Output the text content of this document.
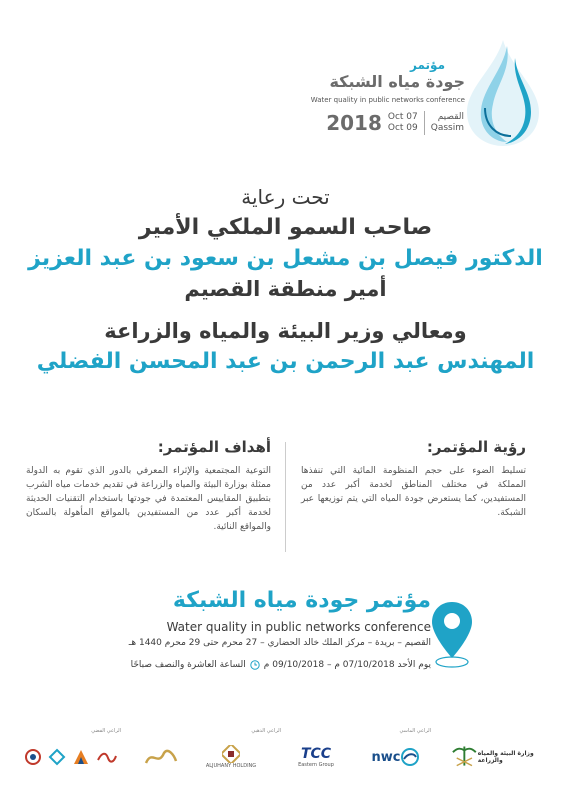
مؤتمر
جودة مياه الشبكة
Water quality in public networks conference
2018 Oct 07
Oct 09
القصيم
Qassim
تحت رعاية
صاحب السمو الملكي الأمير
الدكتور فيصل بن مشعل بن سعود بن عبد العزيز
أمير منطقة القصيم
ومعالي وزير البيئة والمياه والزراعة
المهندس عبد الرحمن بن عبد المحسن الفضلي
رؤية المؤتمر:

تسليط الضوء على حجم المنظومة المائية التي تنفذها المملكة في مختلف المناطق لخدمة أكبر عدد من المستفيدين، كما يستعرض جودة المياه التي يتم توزيعها عبر الشبكة.

أهداف المؤتمر:

التوعية المجتمعية والإثراء المعرفي بالدور الذي تقوم به الدولة ممثلة بوزارة البيئة والمياه والزراعة في تقديم خدمات مياه الشرب بتطبيق المقاييس المعتمدة في جودتها باستخدام التقنيات الحديثة لخدمة أكبر عدد من المستفيدين بالمواقع المأهولة بالسكان والمواقع النائية.

مؤتمر جودة مياه الشبكة
Water quality in public networks conference
القصيم – بريدة – مركز الملك خالد الحضاري – 27 محرم حتى 29 محرم 1440 هـ
يوم الأحد 07/10/2018 م – 09/10/2018 م
الساعة العاشرة والنصف صباحًا
الراعي الماسي
الراعي الذهبي
الراعي الفضي
وزارة البيئة والمياه والزراعة
nwc
TCC
Eastern Group
ALJUHANY HOLDING
